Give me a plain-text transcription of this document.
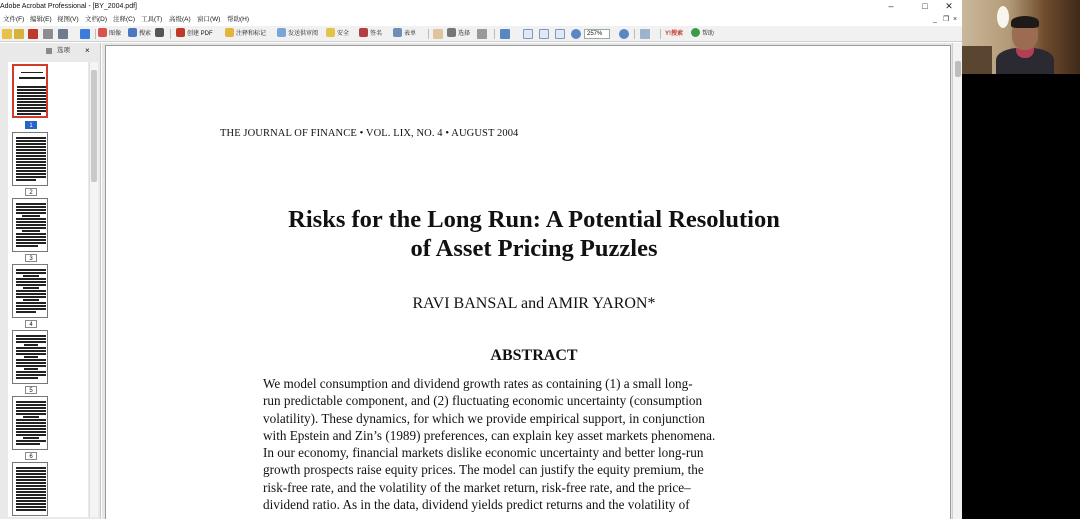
Adobe Acrobat Professional - [BY_2004.pdf]	–	□	✕
文件(F) 编辑(E) 视图(V) 文档(D) 注释(C) 工具(T) 高级(A) 窗口(W) 帮助(H)	_ ❐ ×
图像	搜索	创建 PDF	注释和标记	发送供审阅	安全	签名	表单	选择	257%	Y!搜索	帮助
选项 ×
1
2
3
4
5
6
THE JOURNAL OF FINANCE • VOL. LIX, NO. 4 • AUGUST 2004
Risks for the Long Run: A Potential Resolution
of Asset Pricing Puzzles
RAVI BANSAL and AMIR YARON*
ABSTRACT
We model consumption and dividend growth rates as containing (1) a small long-
run predictable component, and (2) fluctuating economic uncertainty (consumption
volatility). These dynamics, for which we provide empirical support, in conjunction
with Epstein and Zin’s (1989) preferences, can explain key asset markets phenomena.
In our economy, financial markets dislike economic uncertainty and better long-run
growth prospects raise equity prices. The model can justify the equity premium, the
risk-free rate, and the volatility of the market return, risk-free rate, and the price–
dividend ratio. As in the data, dividend yields predict returns and the volatility of
